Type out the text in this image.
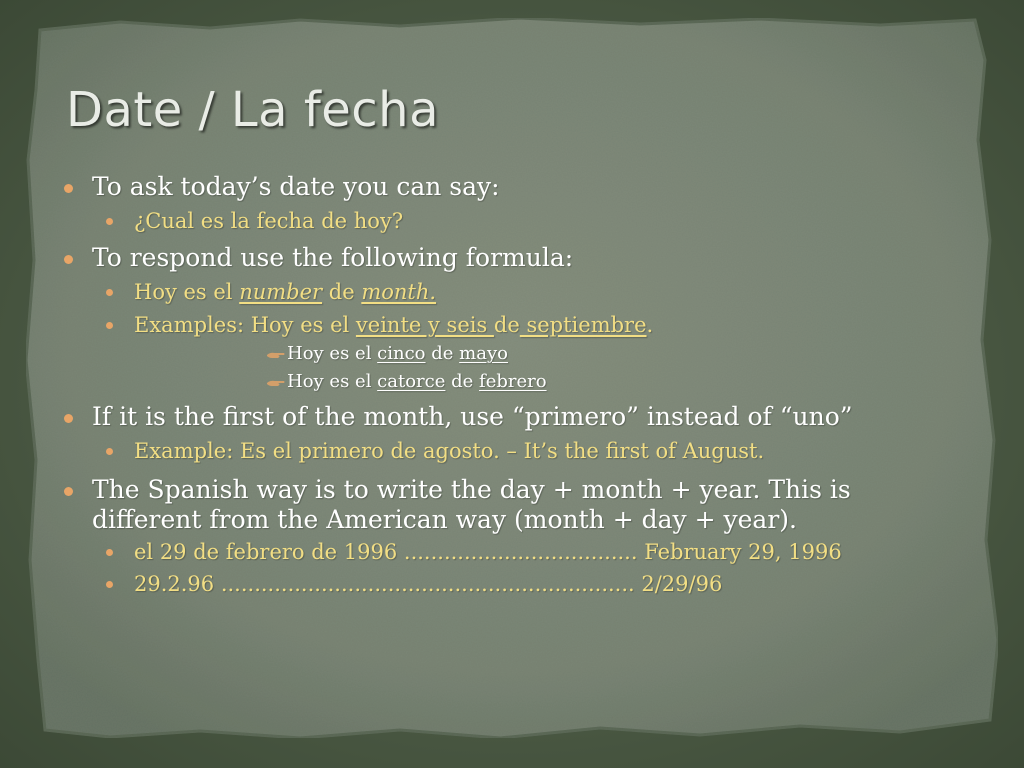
Date / La fecha
To ask today’s date you can say:
¿Cual es la fecha de hoy?
To respond use the following formula:
Hoy es el number de month.
Examples: Hoy es el veinte y seis de septiembre.
Hoy es el cinco de mayo
Hoy es el catorce de febrero
If it is the first of the month, use “primero” instead of “uno”
Example: Es el primero de agosto. – It’s the first of August.
The Spanish way is to write the day + month + year. This is
different from the American way (month + day + year).
el 29 de febrero de 1996 ................................... February 29, 1996
29.2.96 .............................................................. 2/29/96
